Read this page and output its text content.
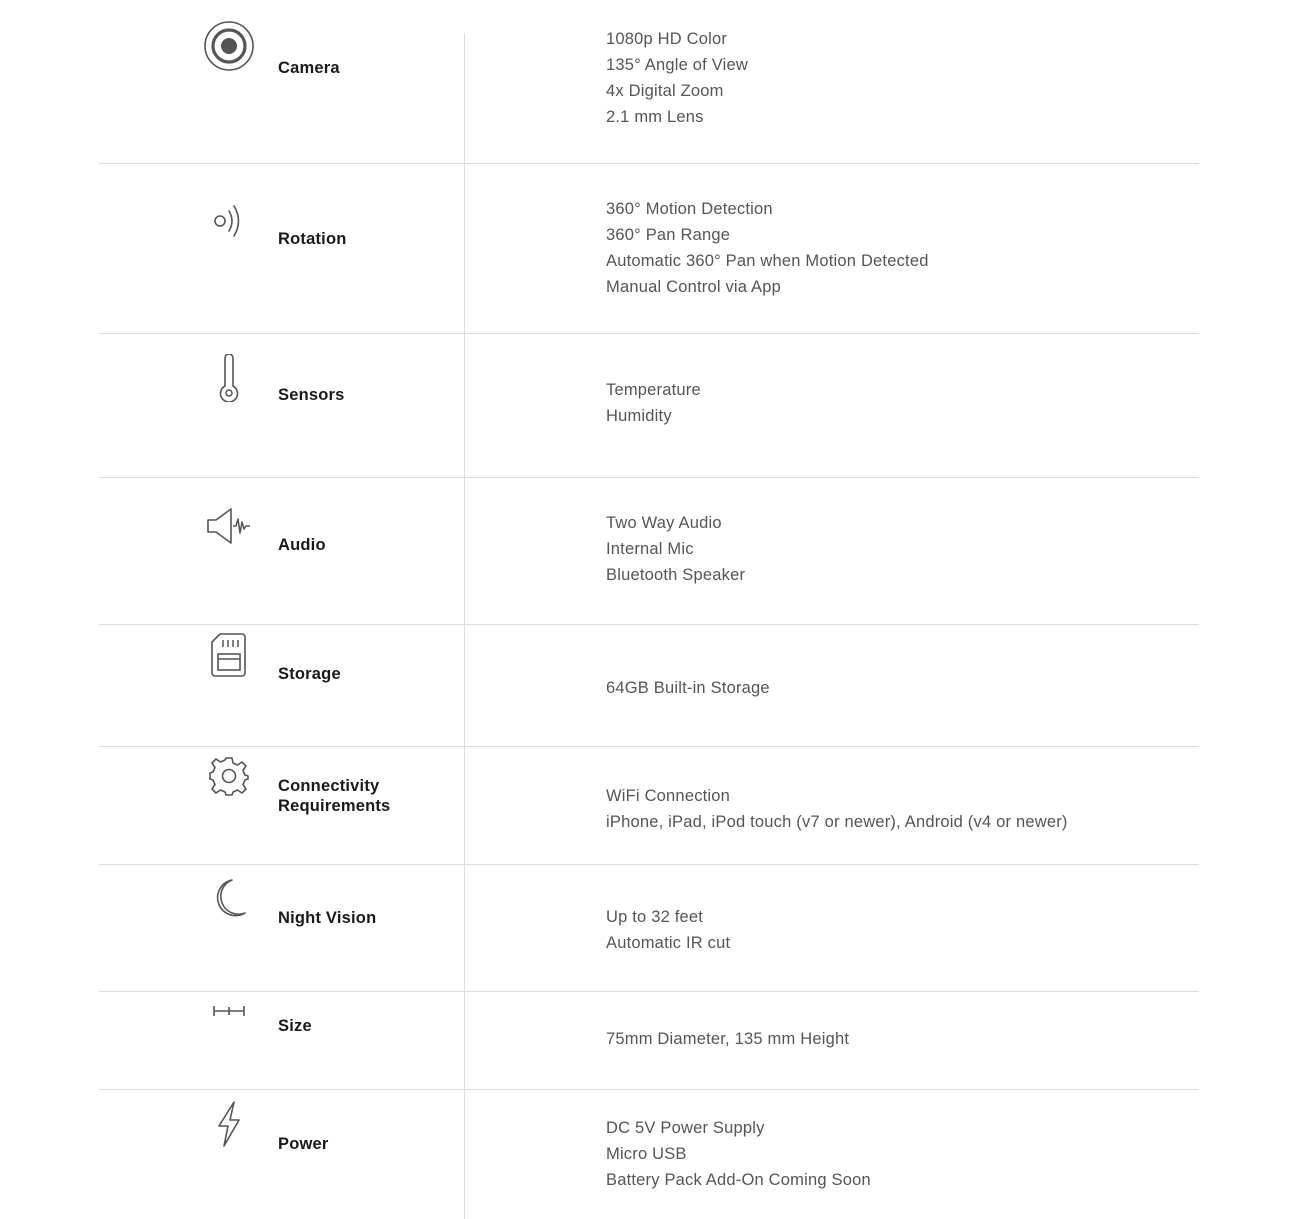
Camera
1080p HD Color
135° Angle of View
4x Digital Zoom
2.1 mm Lens
Rotation
360° Motion Detection
360° Pan Range
Automatic 360° Pan when Motion Detected
Manual Control via App
Sensors	Temperature
Humidity
Audio
Two Way Audio
Internal Mic
Bluetooth Speaker
Storage
64GB Built-in Storage
Connectivity
Requirements
WiFi Connection
iPhone, iPad, iPod touch (v7 or newer), Android (v4 or newer)
Night Vision	Up to 32 feet
Automatic IR cut
Size
75mm Diameter, 135 mm Height
Power
DC 5V Power Supply
Micro USB
Battery Pack Add-On Coming Soon
